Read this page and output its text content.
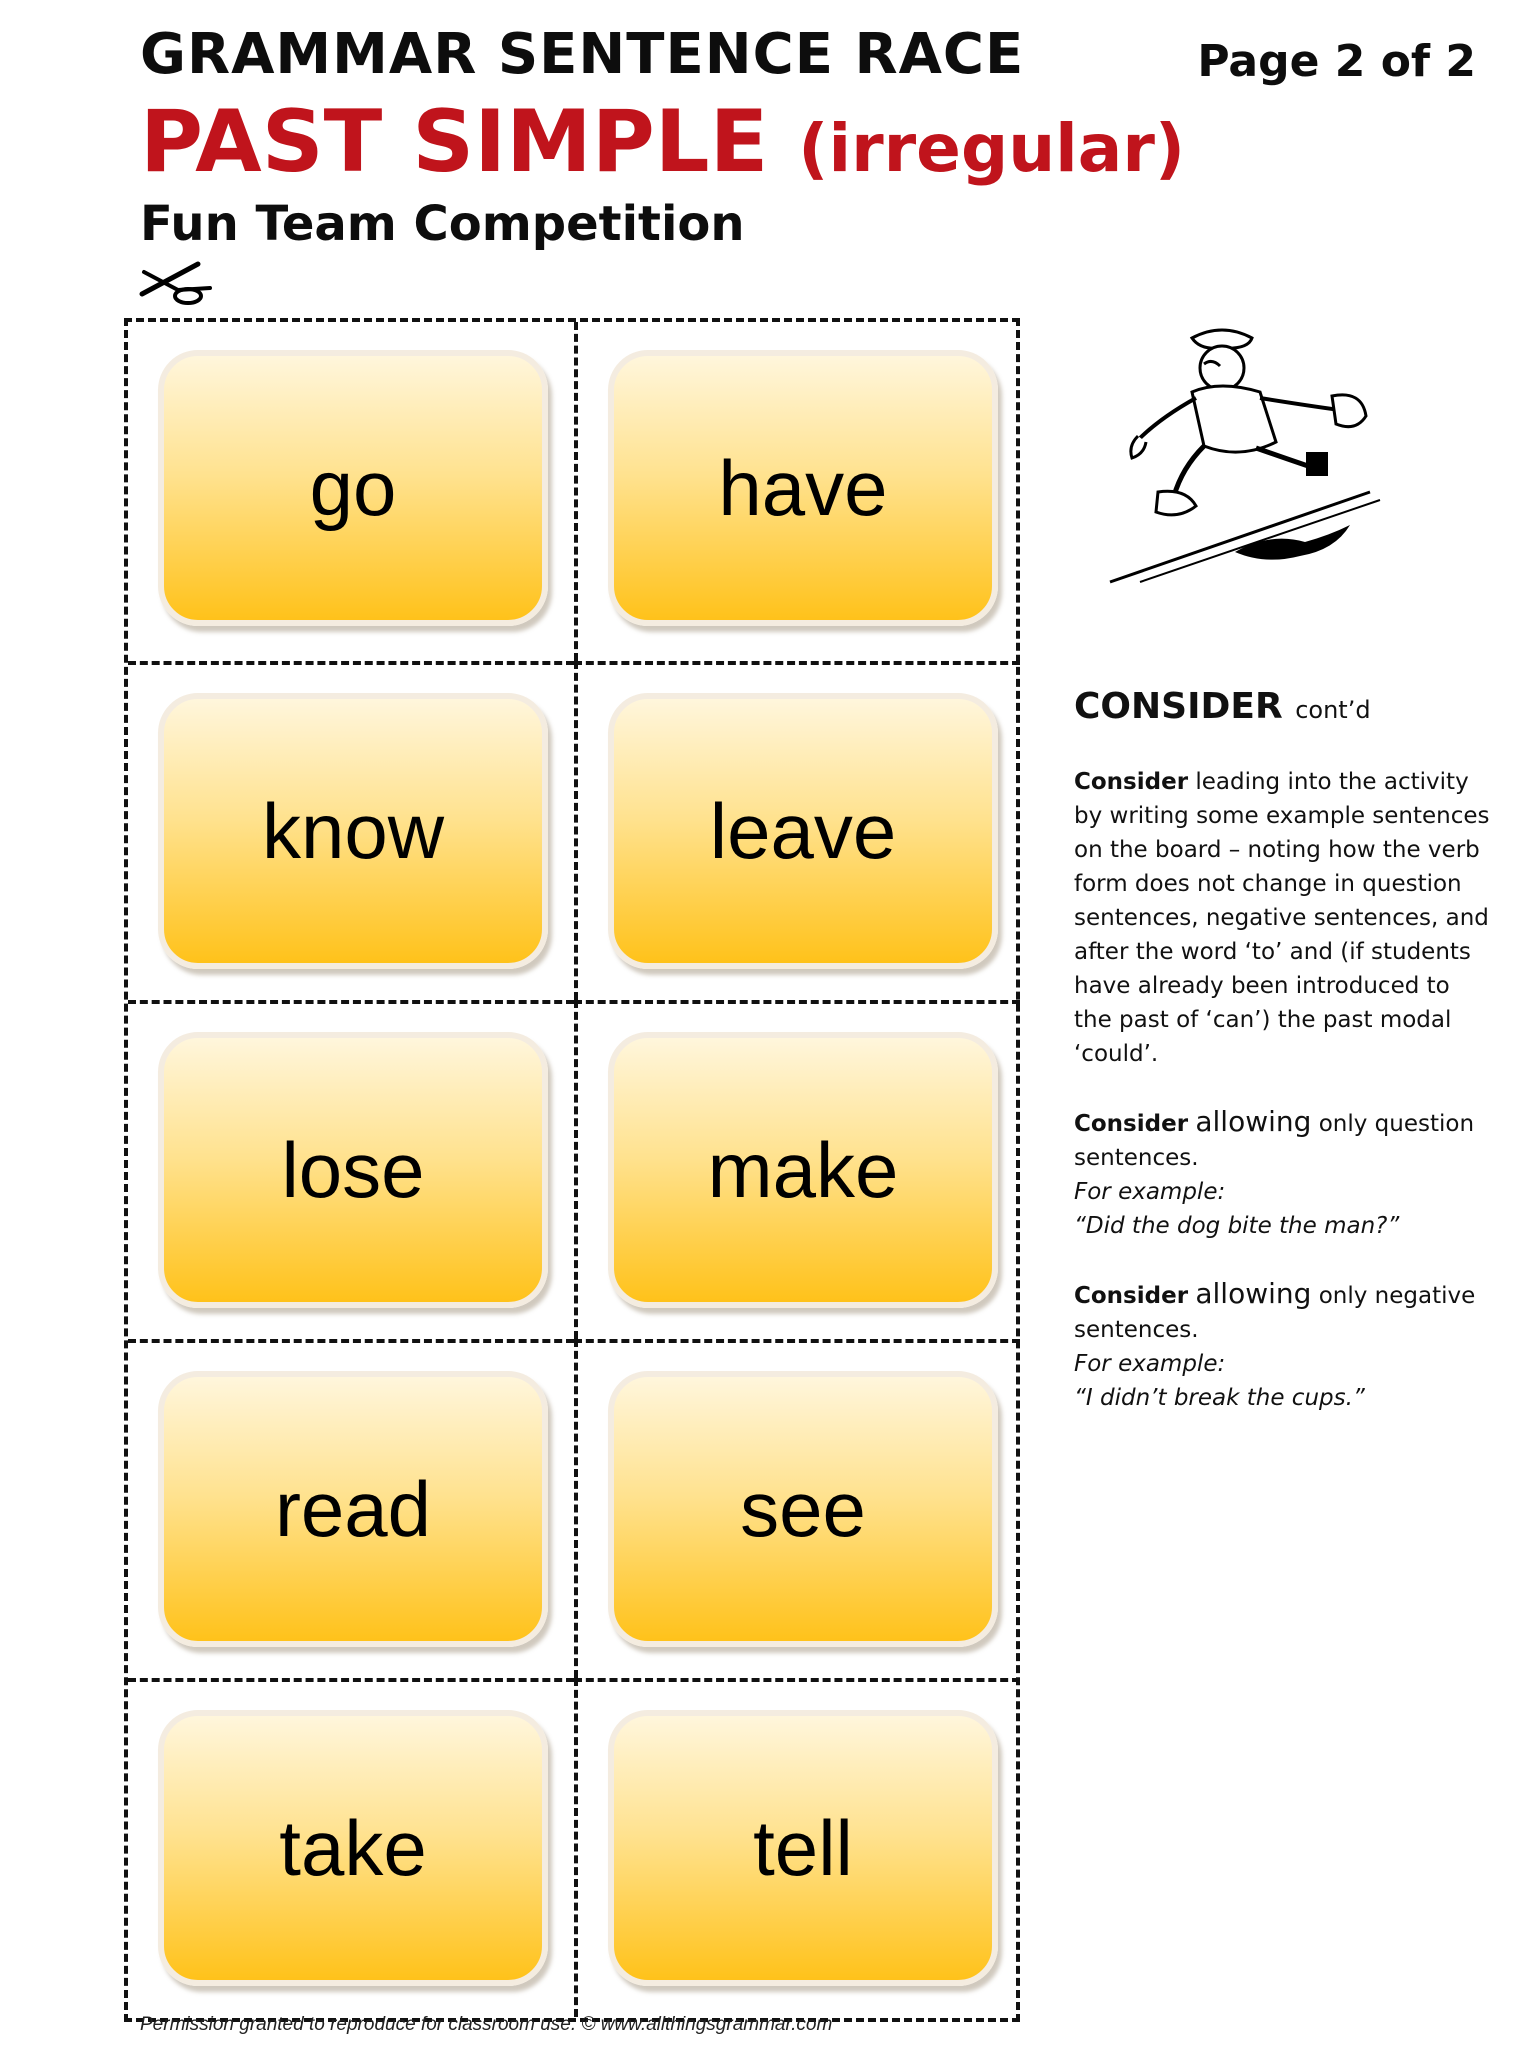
GRAMMAR SENTENCE RACE	Page 2 of 2
PAST SIMPLE (irregular)
Fun Team Competition
go	have
know	leave
lose	make
read	see
take	tell
CONSIDER cont’d

Consider leading into the activity by writing some example sentences on the board – noting how the verb form does not change in question sentences, negative sentences, and after the word ‘to’ and (if students have already been introduced to the past of ‘can’) the past modal ‘could’.

Consider allowing only question sentences.
For example:
“Did the dog bite the man?”

Consider allowing only negative sentences.
For example:
“I didn’t break the cups.”

Permission granted to reproduce for classroom use. © www.allthingsgrammar.com
